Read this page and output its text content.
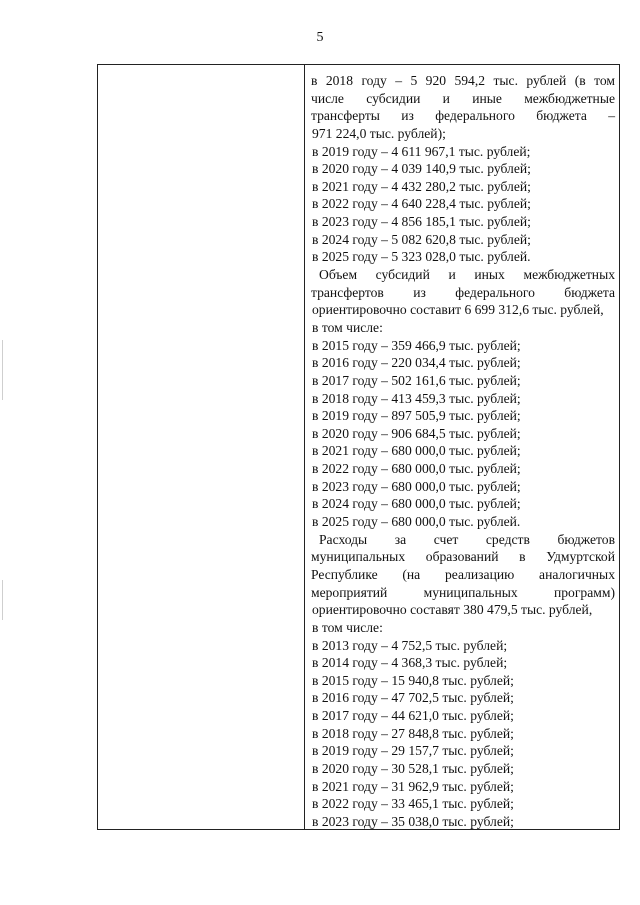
5
в 2018 году – 5 920 594,2 тыс. рублей (в том
числе субсидии и иные межбюджетные
трансферты из федерального бюджета –
971 224,0 тыс. рублей);
в 2019 году – 4 611 967,1 тыс. рублей;
в 2020 году – 4 039 140,9 тыс. рублей;
в 2021 году – 4 432 280,2 тыс. рублей;
в 2022 году – 4 640 228,4 тыс. рублей;
в 2023 году – 4 856 185,1 тыс. рублей;
в 2024 году – 5 082 620,8 тыс. рублей;
в 2025 году – 5 323 028,0 тыс. рублей.
Объем субсидий и иных межбюджетных
трансфертов из федерального бюджета
ориентировочно составит 6 699 312,6 тыс. рублей,
в том числе:
в 2015 году – 359 466,9 тыс. рублей;
в 2016 году – 220 034,4 тыс. рублей;
в 2017 году – 502 161,6 тыс. рублей;
в 2018 году – 413 459,3 тыс. рублей;
в 2019 году – 897 505,9 тыс. рублей;
в 2020 году – 906 684,5 тыс. рублей;
в 2021 году – 680 000,0 тыс. рублей;
в 2022 году – 680 000,0 тыс. рублей;
в 2023 году – 680 000,0 тыс. рублей;
в 2024 году – 680 000,0 тыс. рублей;
в 2025 году – 680 000,0 тыс. рублей.
Расходы за счет средств бюджетов
муниципальных образований в Удмуртской
Республике (на реализацию аналогичных
мероприятий муниципальных программ)
ориентировочно составят 380 479,5 тыс. рублей,
в том числе:
в 2013 году – 4 752,5 тыс. рублей;
в 2014 году – 4 368,3 тыс. рублей;
в 2015 году – 15 940,8 тыс. рублей;
в 2016 году – 47 702,5 тыс. рублей;
в 2017 году – 44 621,0 тыс. рублей;
в 2018 году – 27 848,8 тыс. рублей;
в 2019 году – 29 157,7 тыс. рублей;
в 2020 году – 30 528,1 тыс. рублей;
в 2021 году – 31 962,9 тыс. рублей;
в 2022 году – 33 465,1 тыс. рублей;
в 2023 году – 35 038,0 тыс. рублей;
